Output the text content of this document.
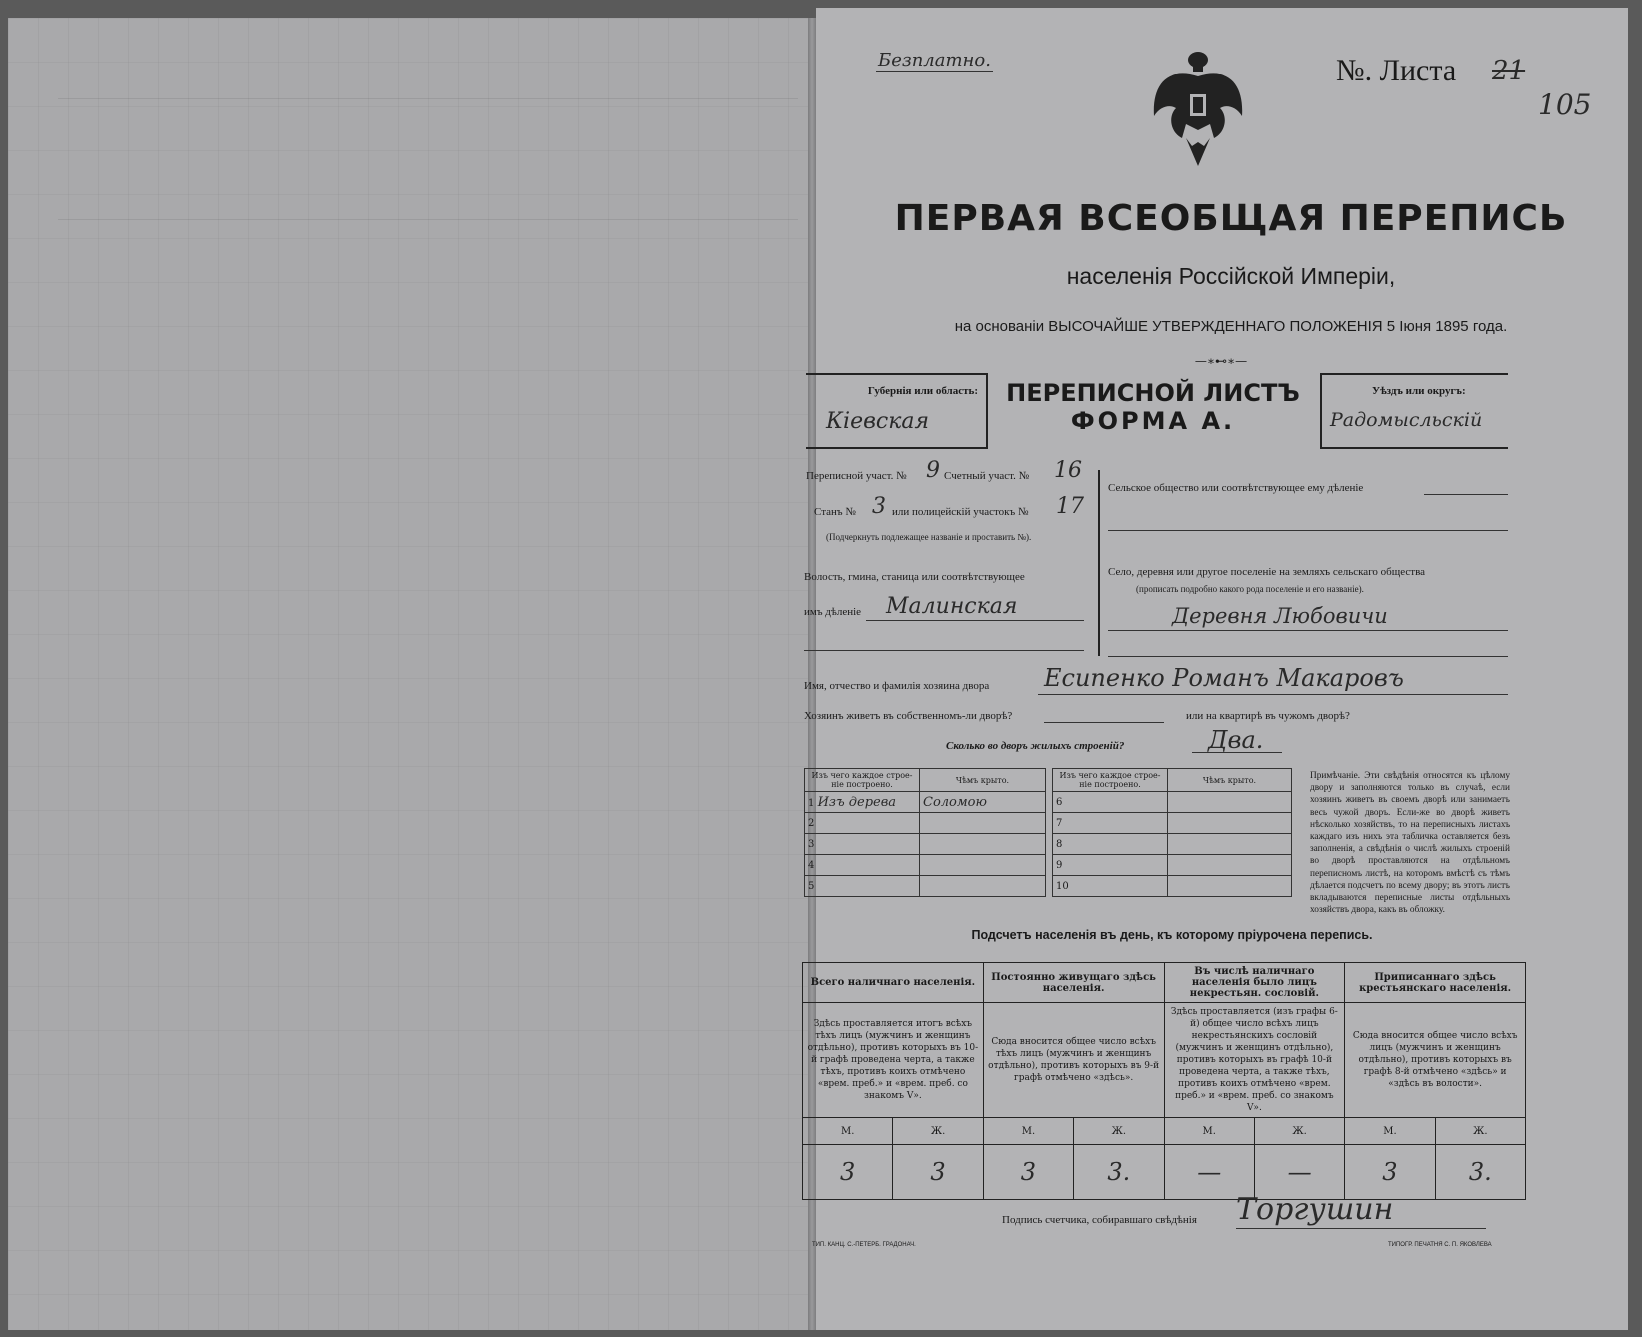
Безплатно.	№. Листа 21
105
ПЕРВАЯ ВСЕОБЩАЯ ПЕРЕПИСЬ
населенія Россійской Имперіи,
на основаніи ВЫСОЧАЙШЕ УТВЕРЖДЕННАГО ПОЛОЖЕНІЯ 5 Іюня 1895 года.
—∗⊷∗—
Губернія или область:
Кіевская
ПЕРЕПИСНОЙ ЛИСТЪ
ФОРМА А.
Уѣздъ или округъ:
Радомысльскій
Переписной участ. № 9 Счетный участ. № 16
Станъ № 3 или полицейскій участокъ № 17
(Подчеркнуть подлежащее названіе и проставить №).
Волость, гмина, станица или соотвѣтствующее
имъ дѣленіе Малинская
Сельское общество или соотвѣтствующее ему дѣленіе
Село, деревня или другое поселеніе на земляхъ сельскаго общества
(прописать подробно какого рода поселеніе и его названіе).
Деревня Любовичи
Имя, отчество и фамилія хозяина двора Есипенко Романъ Макаровъ
Хозяинъ живетъ въ собственномъ-ли дворѣ?	или на квартирѣ въ чужомъ дворѣ?
Сколько во дворъ жилыхъ строеній?	Два.
Изъ чего каждое строе-ніе построено.	Чѣмъ крыто.
1 Изъ дерева	Соломою
2	
3	
4	
5	
Изъ чего каждое строе-ніе построено.	Чѣмъ крыто.
6	
7	
8	
9	
10	
Примѣчаніе. Эти свѣдѣнія относятся къ цѣлому двору и заполняются только въ случаѣ, если хозяинъ живетъ въ своемъ дворѣ или занимаетъ весь чужой дворъ. Если-же во дворѣ живетъ нѣсколько хозяйствъ, то на переписныхъ листахъ каждаго изъ нихъ эта табличка оставляется безъ заполненія, а свѣдѣнія о числѣ жилыхъ строеній во дворѣ проставляются на отдѣльномъ переписномъ листѣ, на которомъ вмѣстѣ съ тѣмъ дѣлается подсчетъ по всему двору; въ этотъ листъ вкладываются переписные листы отдѣльныхъ хозяйствъ двора, какъ въ обложку.
Подсчетъ населенія въ день, къ которому пріурочена перепись.
Всего наличнаго населенія.		Постоянно живущаго здѣсь населенія.		Въ числѣ наличнаго населенія было лицъ некрестьян. сословій.		Приписаннаго здѣсь крестьянскаго населенія.	
Здѣсь проставляется итогъ всѣхъ тѣхъ лицъ (мужчинъ и женщинъ отдѣльно), противъ которыхъ въ 10-й графѣ проведена черта, а также тѣхъ, противъ коихъ отмѣчено «врем. преб.» и «врем. преб. со знакомъ V».		Сюда вносится общее число всѣхъ тѣхъ лицъ (мужчинъ и женщинъ отдѣльно), противъ которыхъ въ 9-й графѣ отмѣчено «здѣсь».		Здѣсь проставляется (изъ графы 6-й) общее число всѣхъ лицъ некрестьянскихъ сословій (мужчинъ и женщинъ отдѣльно), противъ которыхъ въ графѣ 10-й проведена черта, а также тѣхъ, противъ коихъ отмѣчено «врем. преб.» и «врем. преб. со знакомъ V».		Сюда вносится общее число всѣхъ лицъ (мужчинъ и женщинъ отдѣльно), противъ которыхъ въ графѣ 8-й отмѣчено «здѣсь» и «здѣсь въ волости».	
М.	Ж.	М.	Ж.	М.	Ж.	М.	Ж.
3	3	3	3.	—	—	3	3.
Подпись счетчика, собиравшаго свѣдѣнія Торгушин
ТИП. КАНЦ. С.-ПЕТЕРБ. ГРАДОНАЧ.	ТИПОГР. ПЕЧАТНЯ С. П. ЯКОВЛЕВА
